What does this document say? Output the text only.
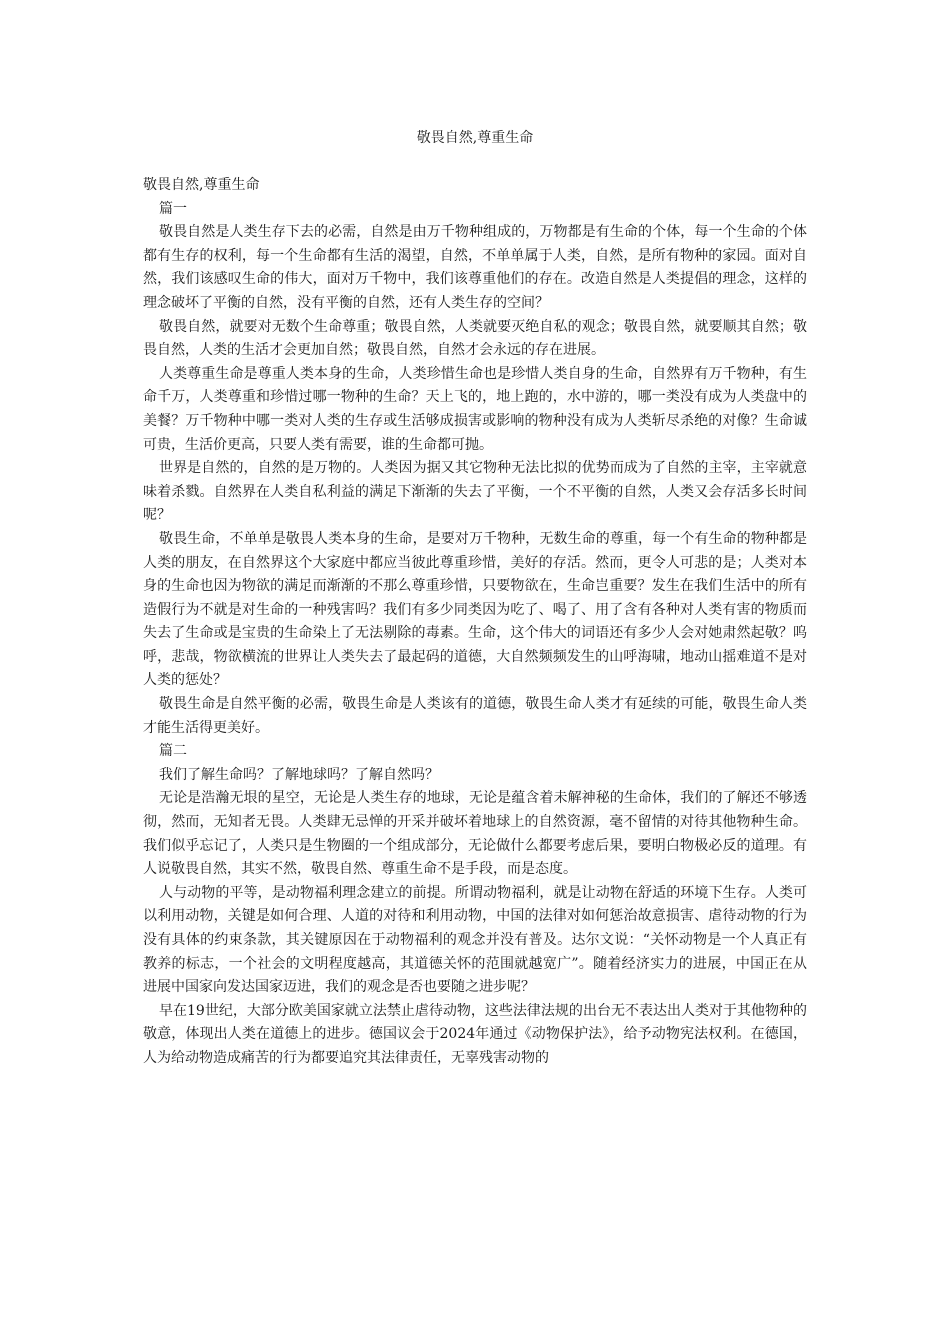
敬畏自然,尊重生命

敬畏自然,尊重生命

篇一

敬畏自然是人类生存下去的必需，自然是由万千物种组成的，万物都是有生命的个体，每一个生命的个体都有生存的权利，每一个生命都有生活的渴望，自然，不单单属于人类，自然，是所有物种的家园。面对自然，我们该感叹生命的伟大，面对万千物中，我们该尊重他们的存在。改造自然是人类提倡的理念，这样的理念破坏了平衡的自然，没有平衡的自然，还有人类生存的空间？

敬畏自然，就要对无数个生命尊重；敬畏自然，人类就要灭绝自私的观念；敬畏自然，就要顺其自然；敬畏自然，人类的生活才会更加自然；敬畏自然，自然才会永远的存在进展。

人类尊重生命是尊重人类本身的生命，人类珍惜生命也是珍惜人类自身的生命，自然界有万千物种，有生命千万，人类尊重和珍惜过哪一物种的生命？天上飞的，地上跑的，水中游的，哪一类没有成为人类盘中的美餐？万千物种中哪一类对人类的生存或生活够成损害或影响的物种没有成为人类斩尽杀绝的对像？生命诚可贵，生活价更高，只要人类有需要，谁的生命都可抛。

世界是自然的，自然的是万物的。人类因为据又其它物种无法比拟的优势而成为了自然的主宰，主宰就意味着杀戮。自然界在人类自私利益的满足下渐渐的失去了平衡，一个不平衡的自然，人类又会存活多长时间呢？

敬畏生命，不单单是敬畏人类本身的生命，是要对万千物种，无数生命的尊重，每一个有生命的物种都是人类的朋友，在自然界这个大家庭中都应当彼此尊重珍惜，美好的存活。然而，更令人可悲的是；人类对本身的生命也因为物欲的满足而渐渐的不那么尊重珍惜，只要物欲在，生命岂重要？发生在我们生活中的所有造假行为不就是对生命的一种残害吗？我们有多少同类因为吃了、喝了、用了含有各种对人类有害的物质而失去了生命或是宝贵的生命染上了无法剔除的毒素。生命，这个伟大的词语还有多少人会对她肃然起敬？呜呼，悲哉，物欲横流的世界让人类失去了最起码的道德，大自然频频发生的山呼海啸，地动山摇难道不是对人类的惩处？

敬畏生命是自然平衡的必需，敬畏生命是人类该有的道德，敬畏生命人类才有延续的可能，敬畏生命人类才能生活得更美好。

篇二

我们了解生命吗？了解地球吗？了解自然吗？

无论是浩瀚无垠的星空，无论是人类生存的地球，无论是蕴含着未解神秘的生命体，我们的了解还不够透彻，然而，无知者无畏。人类肆无忌惮的开采并破坏着地球上的自然资源，毫不留情的对待其他物种生命。我们似乎忘记了，人类只是生物圈的一个组成部分，无论做什么都要考虑后果，要明白物极必反的道理。有人说敬畏自然，其实不然，敬畏自然、尊重生命不是手段，而是态度。

人与动物的平等，是动物福利理念建立的前提。所谓动物福利，就是让动物在舒适的环境下生存。人类可以利用动物，关键是如何合理、人道的对待和利用动物，中国的法律对如何惩治故意损害、虐待动物的行为没有具体的约束条款，其关键原因在于动物福利的观念并没有普及。达尔文说：“关怀动物是一个人真正有教养的标志，一个社会的文明程度越高，其道德关怀的范围就越宽广”。随着经济实力的进展，中国正在从进展中国家向发达国家迈进，我们的观念是否也要随之进步呢？

早在19世纪，大部分欧美国家就立法禁止虐待动物，这些法律法规的出台无不表达出人类对于其他物种的敬意，体现出人类在道德上的进步。德国议会于2024年通过《动物保护法》，给予动物宪法权利。在德国，人为给动物造成痛苦的行为都要追究其法律责任，无辜残害动物的
